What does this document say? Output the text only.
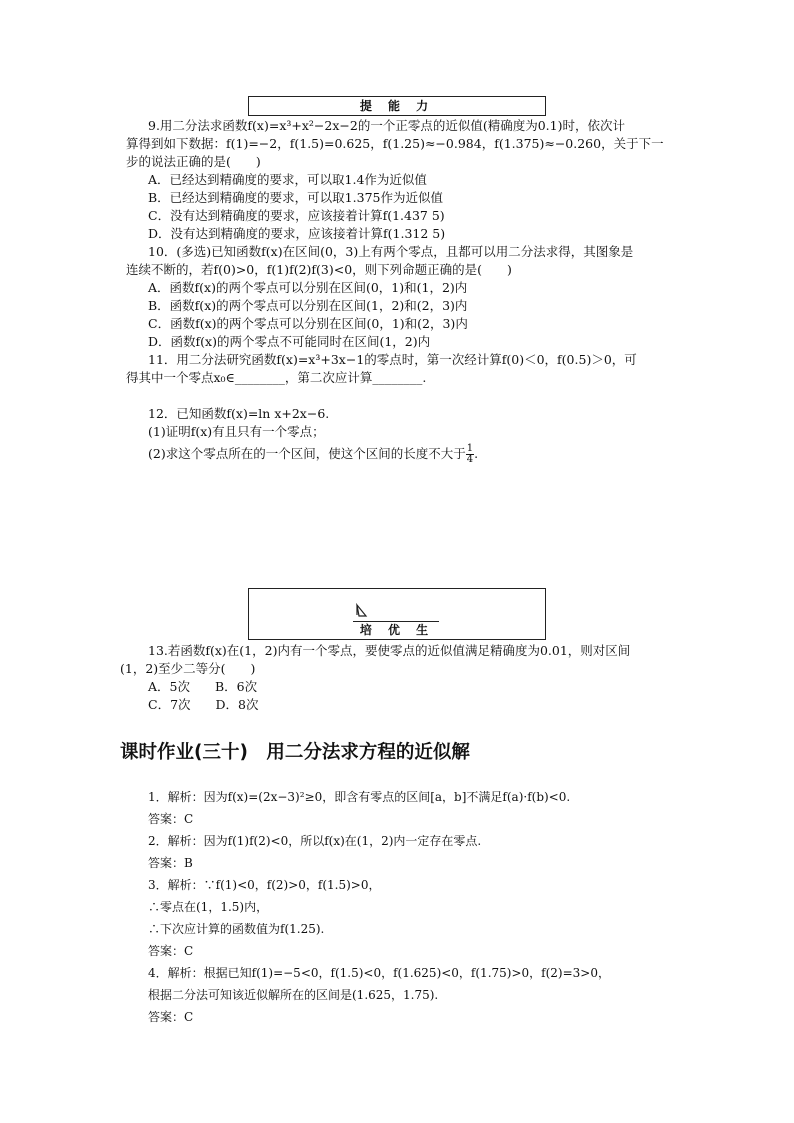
提 能 力
9.用二分法求函数f(x)=x³+x²−2x−2的一个正零点的近似值(精确度为0.1)时，依次计
算得到如下数据：f(1)=−2，f(1.5)=0.625，f(1.25)≈−0.984，f(1.375)≈−0.260，关于下一
步的说法正确的是(　　)
A．已经达到精确度的要求，可以取1.4作为近似值
B．已经达到精确度的要求，可以取1.375作为近似值
C．没有达到精确度的要求，应该接着计算f(1.437 5)
D．没有达到精确度的要求，应该接着计算f(1.312 5)
10．(多选)已知函数f(x)在区间(0，3)上有两个零点，且都可以用二分法求得，其图象是
连续不断的，若f(0)>0，f(1)f(2)f(3)<0，则下列命题正确的是(　　)
A．函数f(x)的两个零点可以分别在区间(0，1)和(1，2)内
B．函数f(x)的两个零点可以分别在区间(1，2)和(2，3)内
C．函数f(x)的两个零点可以分别在区间(0，1)和(2，3)内
D．函数f(x)的两个零点不可能同时在区间(1，2)内
11．用二分法研究函数f(x)=x³+3x−1的零点时，第一次经计算f(0)＜0，f(0.5)＞0，可
得其中一个零点x₀∈________，第二次应计算________.
12．已知函数f(x)=ln x+2x−6.
(1)证明f(x)有且只有一个零点；
(2)求这个零点所在的一个区间，使这个区间的长度不大于 $\frac{1}{4}$ .
培 优 生
13.若函数f(x)在(1，2)内有一个零点，要使零点的近似值满足精确度为0.01，则对区间
(1，2)至少二等分(　　)
A．5次　　B．6次
C．7次　　D．8次
课时作业(三十)　用二分法求方程的近似解
1．解析：因为f(x)=(2x−3)²≥0，即含有零点的区间[a，b]不满足f(a)·f(b)<0.
答案：C
2．解析：因为f(1)f(2)<0，所以f(x)在(1，2)内一定存在零点.
答案：B
3．解析：∵f(1)<0，f(2)>0，f(1.5)>0，
∴零点在(1，1.5)内，
∴下次应计算的函数值为f(1.25).
答案：C
4．解析：根据已知f(1)=−5<0，f(1.5)<0，f(1.625)<0，f(1.75)>0，f(2)=3>0，
根据二分法可知该近似解所在的区间是(1.625，1.75).
答案：C
